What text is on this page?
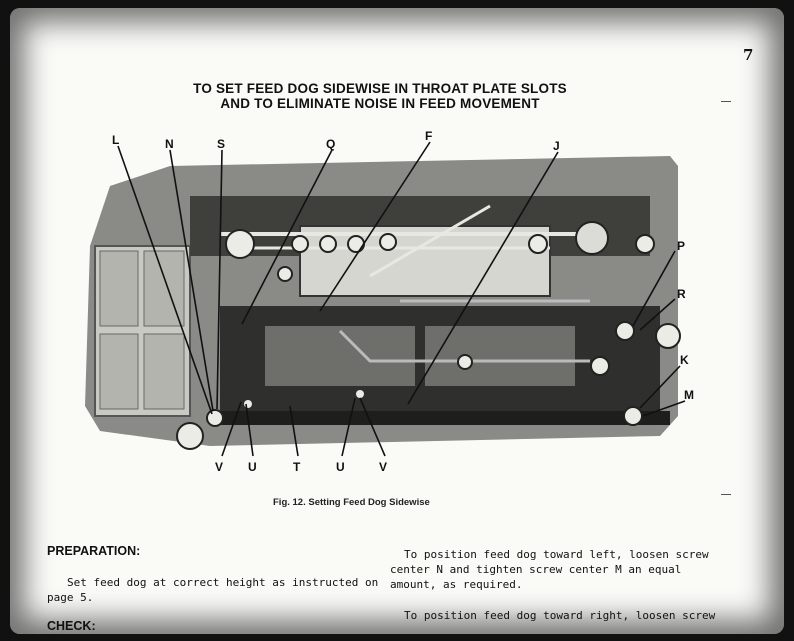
7
TO SET FEED DOG SIDEWISE IN THROAT PLATE SLOTS
AND TO ELIMINATE NOISE IN FEED MOVEMENT
L	N	S	Q
F
J
P
R
K
M
V U	T	U	V
Fig. 12. Setting Feed Dog Sidewise
PREPARATION:
Set feed dog at correct height as instructed on
page 5.
CHECK:
To position feed dog toward left, loosen screw
center N and tighten screw center M an equal
amount, as required.
To position feed dog toward right, loosen screw
